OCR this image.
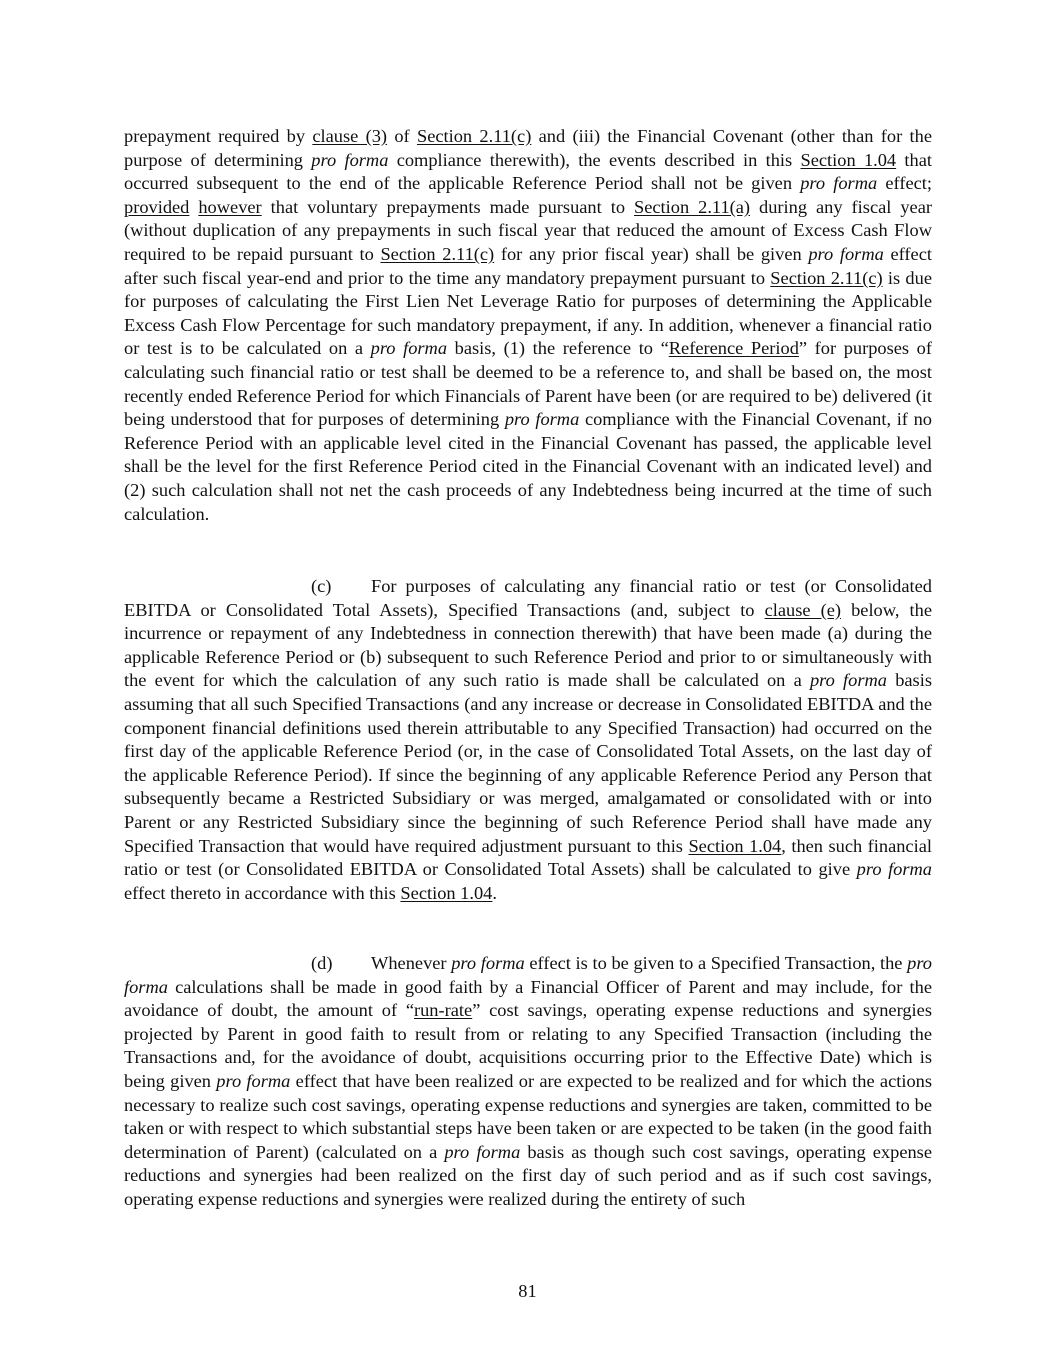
prepayment required by clause (3) of Section 2.11(c) and (iii) the Financial Covenant (other than for the purpose of determining pro forma compliance therewith), the events described in this Section 1.04 that occurred subsequent to the end of the applicable Reference Period shall not be given pro forma effect; provided however that voluntary prepayments made pursuant to Section 2.11(a) during any fiscal year (without duplication of any prepayments in such fiscal year that reduced the amount of Excess Cash Flow required to be repaid pursuant to Section 2.11(c) for any prior fiscal year) shall be given pro forma effect after such fiscal year-end and prior to the time any mandatory prepayment pursuant to Section 2.11(c) is due for purposes of calculating the First Lien Net Leverage Ratio for purposes of determining the Applicable Excess Cash Flow Percentage for such mandatory prepayment, if any. In addition, whenever a financial ratio or test is to be calculated on a pro forma basis, (1) the reference to “Reference Period” for purposes of calculating such financial ratio or test shall be deemed to be a reference to, and shall be based on, the most recently ended Reference Period for which Financials of Parent have been (or are required to be) delivered (it being understood that for purposes of determining pro forma compliance with the Financial Covenant, if no Reference Period with an applicable level cited in the Financial Covenant has passed, the applicable level shall be the level for the first Reference Period cited in the Financial Covenant with an indicated level) and (2) such calculation shall not net the cash proceeds of any Indebtedness being incurred at the time of such calculation.

(c) For purposes of calculating any financial ratio or test (or Consolidated EBITDA or Consolidated Total Assets), Specified Transactions (and, subject to clause (e) below, the incurrence or repayment of any Indebtedness in connection therewith) that have been made (a) during the applicable Reference Period or (b) subsequent to such Reference Period and prior to or simultaneously with the event for which the calculation of any such ratio is made shall be calculated on a pro forma basis assuming that all such Specified Transactions (and any increase or decrease in Consolidated EBITDA and the component financial definitions used therein attributable to any Specified Transaction) had occurred on the first day of the applicable Reference Period (or, in the case of Consolidated Total Assets, on the last day of the applicable Reference Period). If since the beginning of any applicable Reference Period any Person that subsequently became a Restricted Subsidiary or was merged, amalgamated or consolidated with or into Parent or any Restricted Subsidiary since the beginning of such Reference Period shall have made any Specified Transaction that would have required adjustment pursuant to this Section 1.04, then such financial ratio or test (or Consolidated EBITDA or Consolidated Total Assets) shall be calculated to give pro forma effect thereto in accordance with this Section 1.04.

(d) Whenever pro forma effect is to be given to a Specified Transaction, the pro forma calculations shall be made in good faith by a Financial Officer of Parent and may include, for the avoidance of doubt, the amount of “run-rate” cost savings, operating expense reductions and synergies projected by Parent in good faith to result from or relating to any Specified Transaction (including the Transactions and, for the avoidance of doubt, acquisitions occurring prior to the Effective Date) which is being given pro forma effect that have been realized or are expected to be realized and for which the actions necessary to realize such cost savings, operating expense reductions and synergies are taken, committed to be taken or with respect to which substantial steps have been taken or are expected to be taken (in the good faith determination of Parent) (calculated on a pro forma basis as though such cost savings, operating expense reductions and synergies had been realized on the first day of such period and as if such cost savings, operating expense reductions and synergies were realized during the entirety of such

81
